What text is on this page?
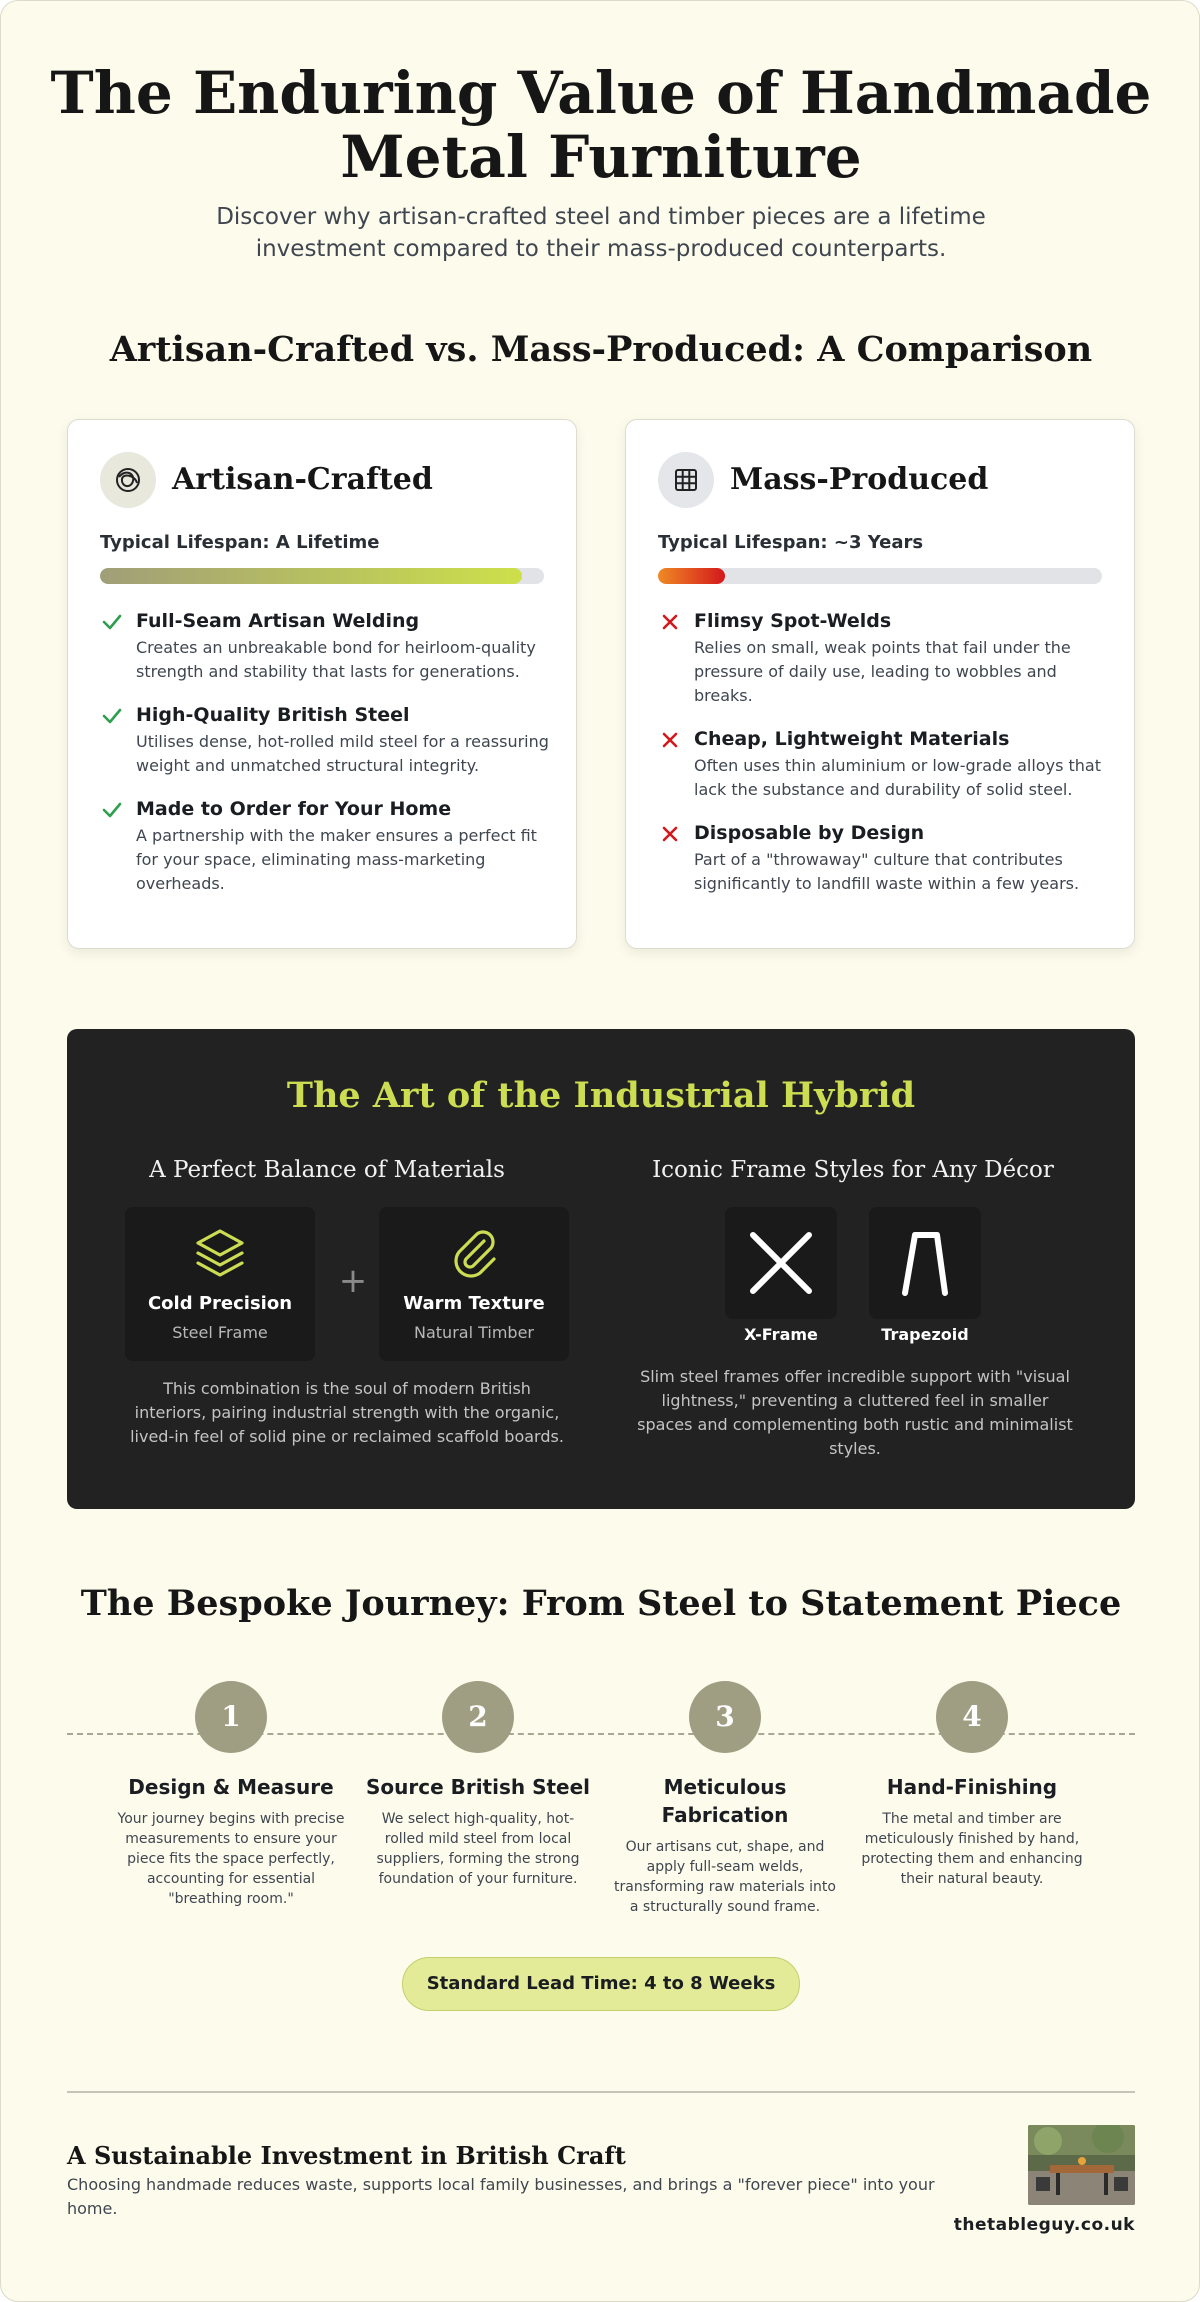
The Enduring Value of Handmade Metal Furniture

Discover why artisan-crafted steel and timber pieces are a lifetime investment compared to their mass-produced counterparts.

Artisan-Crafted vs. Mass-Produced: A Comparison
Artisan-Crafted
Typical Lifespan: A Lifetime
Full-Seam Artisan Welding
Creates an unbreakable bond for heirloom-quality strength and stability that lasts for generations.
High-Quality British Steel
Utilises dense, hot-rolled mild steel for a reassuring weight and unmatched structural integrity.
Made to Order for Your Home
A partnership with the maker ensures a perfect fit for your space, eliminating mass-marketing overheads.
Mass-Produced
Typical Lifespan: ~3 Years
Flimsy Spot-Welds
Relies on small, weak points that fail under the pressure of daily use, leading to wobbles and breaks.
Cheap, Lightweight Materials
Often uses thin aluminium or low-grade alloys that lack the substance and durability of solid steel.
Disposable by Design
Part of a "throwaway" culture that contributes significantly to landfill waste within a few years.
The Art of the Industrial Hybrid
A Perfect Balance of Materials
Cold Precision
Steel Frame
+
Warm Texture
Natural Timber

This combination is the soul of modern British interiors, pairing industrial strength with the organic, lived-in feel of solid pine or reclaimed scaffold boards.

Iconic Frame Styles for Any Décor
X-Frame	Trapezoid

Slim steel frames offer incredible support with "visual lightness," preventing a cluttered feel in smaller spaces and complementing both rustic and minimalist styles.

The Bespoke Journey: From Steel to Statement Piece
1	2	3	4
Design & Measure
Your journey begins with precise measurements to ensure your piece fits the space perfectly, accounting for essential "breathing room."
Source British Steel
We select high-quality, hot-rolled mild steel from local suppliers, forming the strong foundation of your furniture.
Meticulous Fabrication
Our artisans cut, shape, and apply full-seam welds, transforming raw materials into a structurally sound frame.
Hand-Finishing
The metal and timber are meticulously finished by hand, protecting them and enhancing their natural beauty.
Standard Lead Time: 4 to 8 Weeks
A Sustainable Investment in British Craft

Choosing handmade reduces waste, supports local family businesses, and brings a "forever piece" into your home.

thetableguy.co.uk
